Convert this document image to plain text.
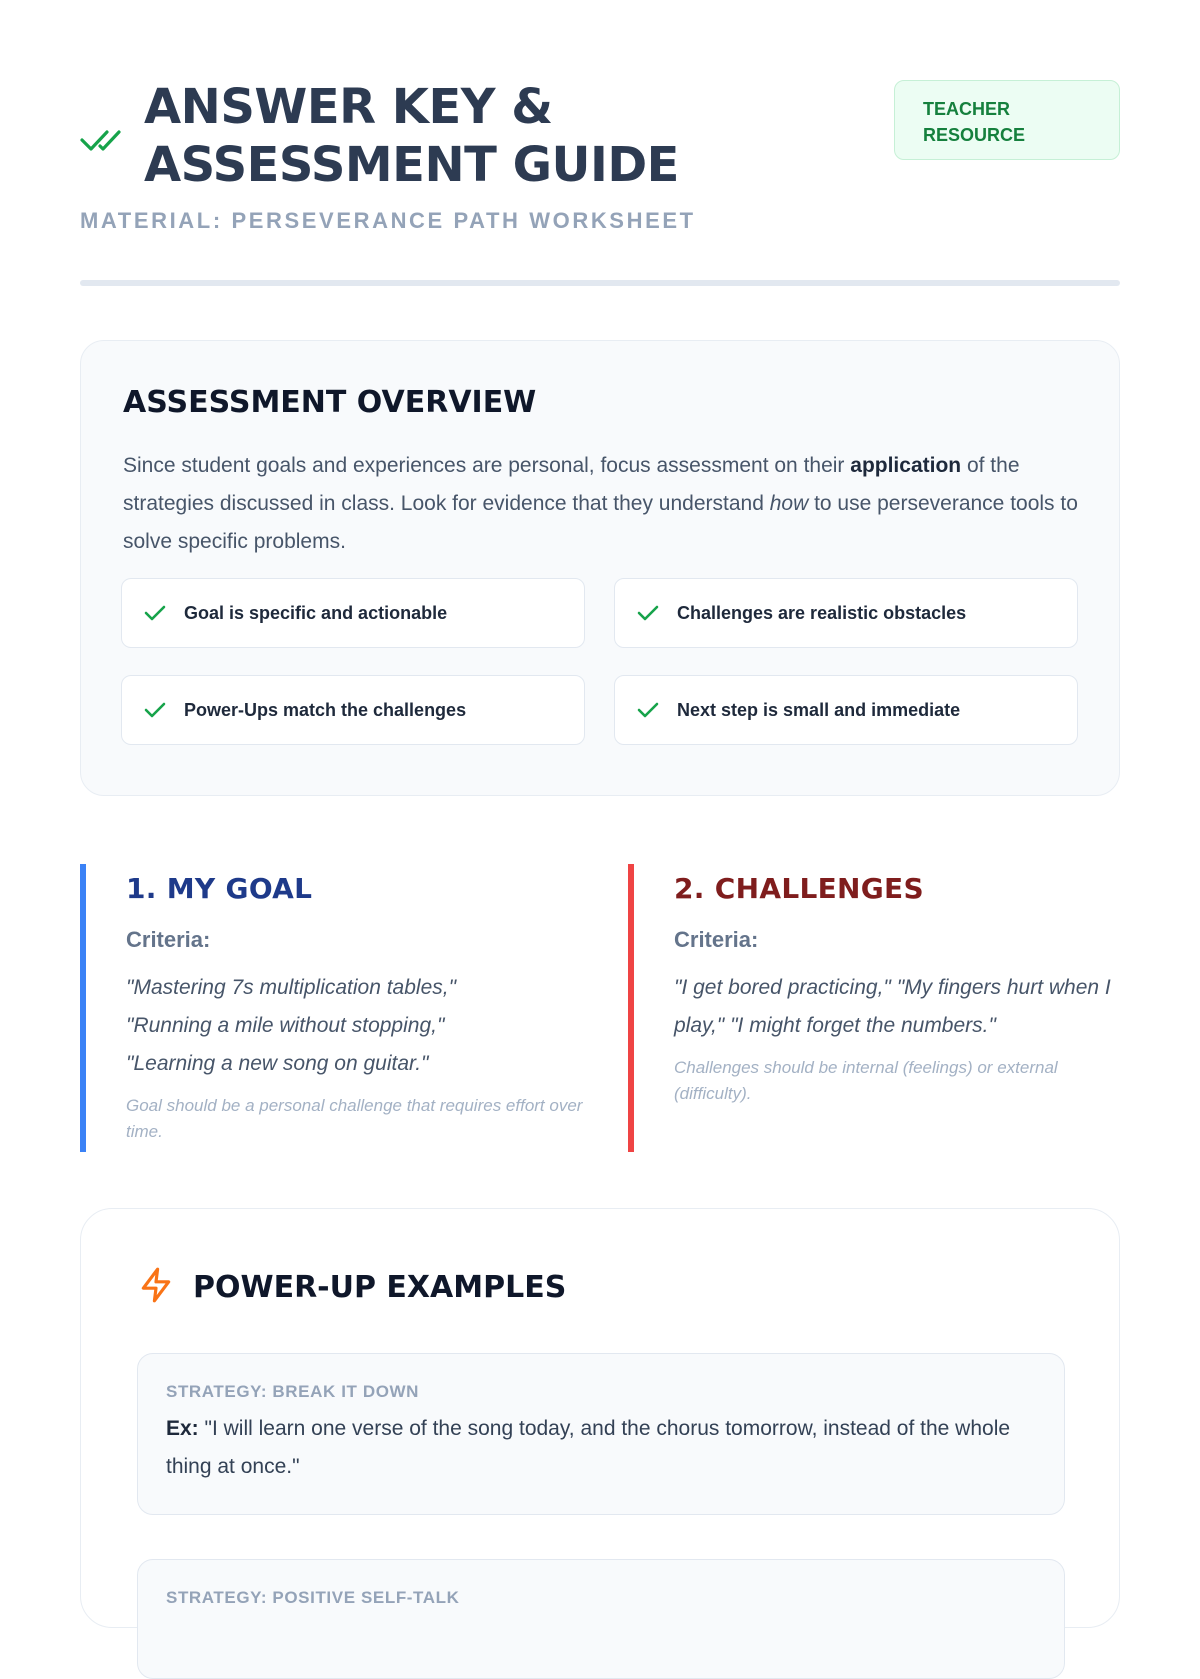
ANSWER KEY & ASSESSMENT GUIDE
TEACHER RESOURCE
MATERIAL: PERSEVERANCE PATH WORKSHEET
ASSESSMENT OVERVIEW

Since student goals and experiences are personal, focus assessment on their application of the strategies discussed in class. Look for evidence that they understand how to use perseverance tools to solve specific problems.

Goal is specific and actionable	Challenges are realistic obstacles
Power-Ups match the challenges	Next step is small and immediate
1. MY GOAL
Criteria:
"Mastering 7s multiplication tables," "Running a mile without stopping," "Learning a new song on guitar."
Goal should be a personal challenge that requires effort over time.
2. CHALLENGES
Criteria:
"I get bored practicing," "My fingers hurt when I play," "I might forget the numbers."
Challenges should be internal (feelings) or external (difficulty).
POWER-UP EXAMPLES
STRATEGY: BREAK IT DOWN
Ex: "I will learn one verse of the song today, and the chorus tomorrow, instead of the whole thing at once."
STRATEGY: POSITIVE SELF-TALK
